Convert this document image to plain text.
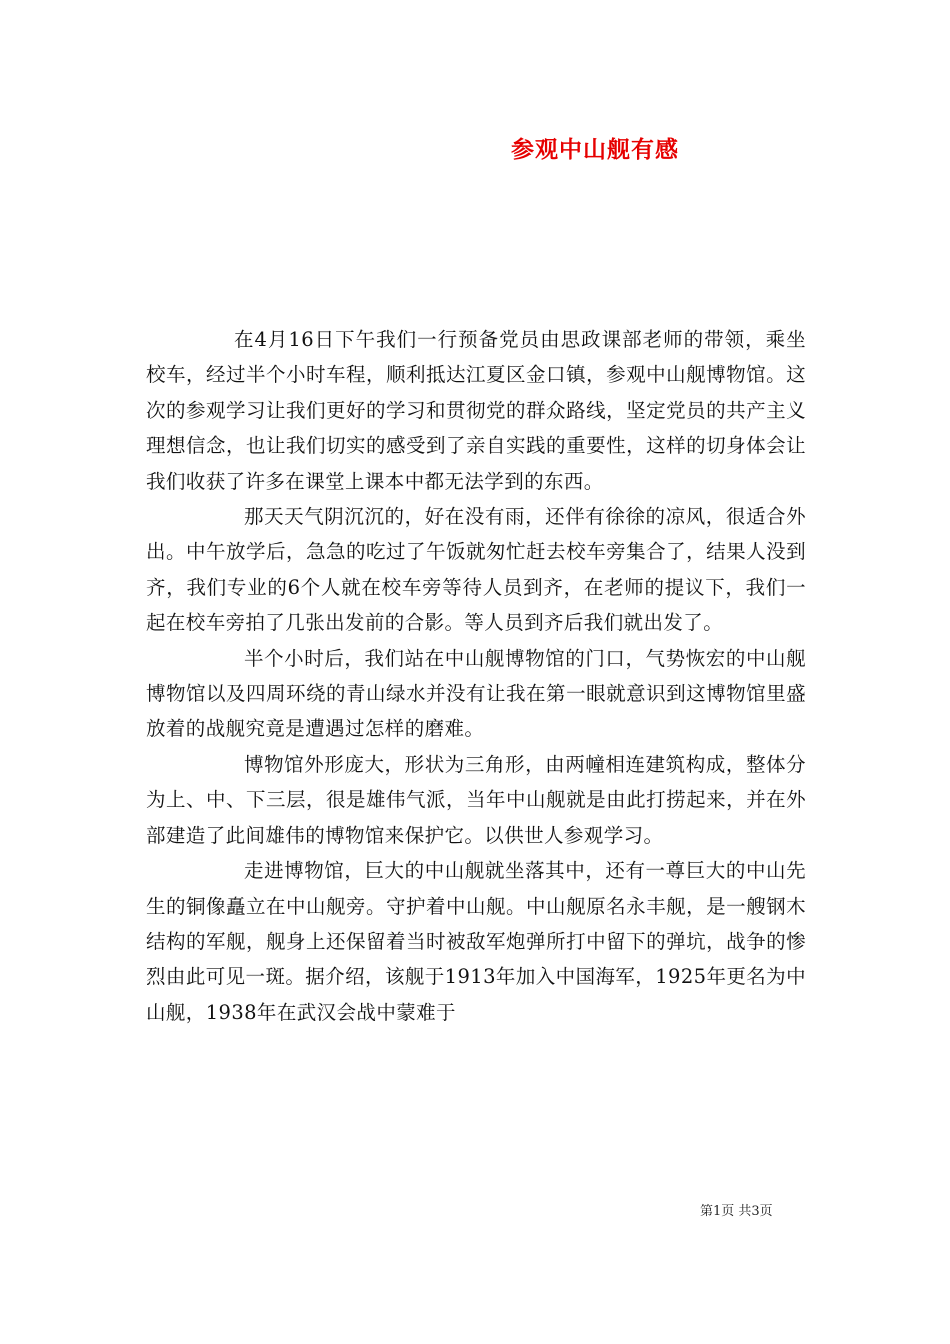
参观中山舰有感

在4月16日下午我们一行预备党员由思政课部老师的带领，乘坐校车，经过半个小时车程，顺利抵达江夏区金口镇，参观中山舰博物馆。这次的参观学习让我们更好的学习和贯彻党的群众路线，坚定党员的共产主义理想信念，也让我们切实的感受到了亲自实践的重要性，这样的切身体会让我们收获了许多在课堂上课本中都无法学到的东西。

那天天气阴沉沉的，好在没有雨，还伴有徐徐的凉风，很适合外出。中午放学后，急急的吃过了午饭就匆忙赶去校车旁集合了，结果人没到齐，我们专业的6个人就在校车旁等待人员到齐，在老师的提议下，我们一起在校车旁拍了几张出发前的合影。等人员到齐后我们就出发了。

半个小时后，我们站在中山舰博物馆的门口，气势恢宏的中山舰博物馆以及四周环绕的青山绿水并没有让我在第一眼就意识到这博物馆里盛放着的战舰究竟是遭遇过怎样的磨难。

博物馆外形庞大，形状为三角形，由两幢相连建筑构成，整体分为上、中、下三层，很是雄伟气派，当年中山舰就是由此打捞起来，并在外部建造了此间雄伟的博物馆来保护它。以供世人参观学习。

走进博物馆，巨大的中山舰就坐落其中，还有一尊巨大的中山先生的铜像矗立在中山舰旁。守护着中山舰。中山舰原名永丰舰，是一艘钢木结构的军舰，舰身上还保留着当时被敌军炮弹所打中留下的弹坑，战争的惨烈由此可见一斑。据介绍，该舰于1913年加入中国海军，1925年更名为中山舰，1938年在武汉会战中蒙难于

第1页 共3页
